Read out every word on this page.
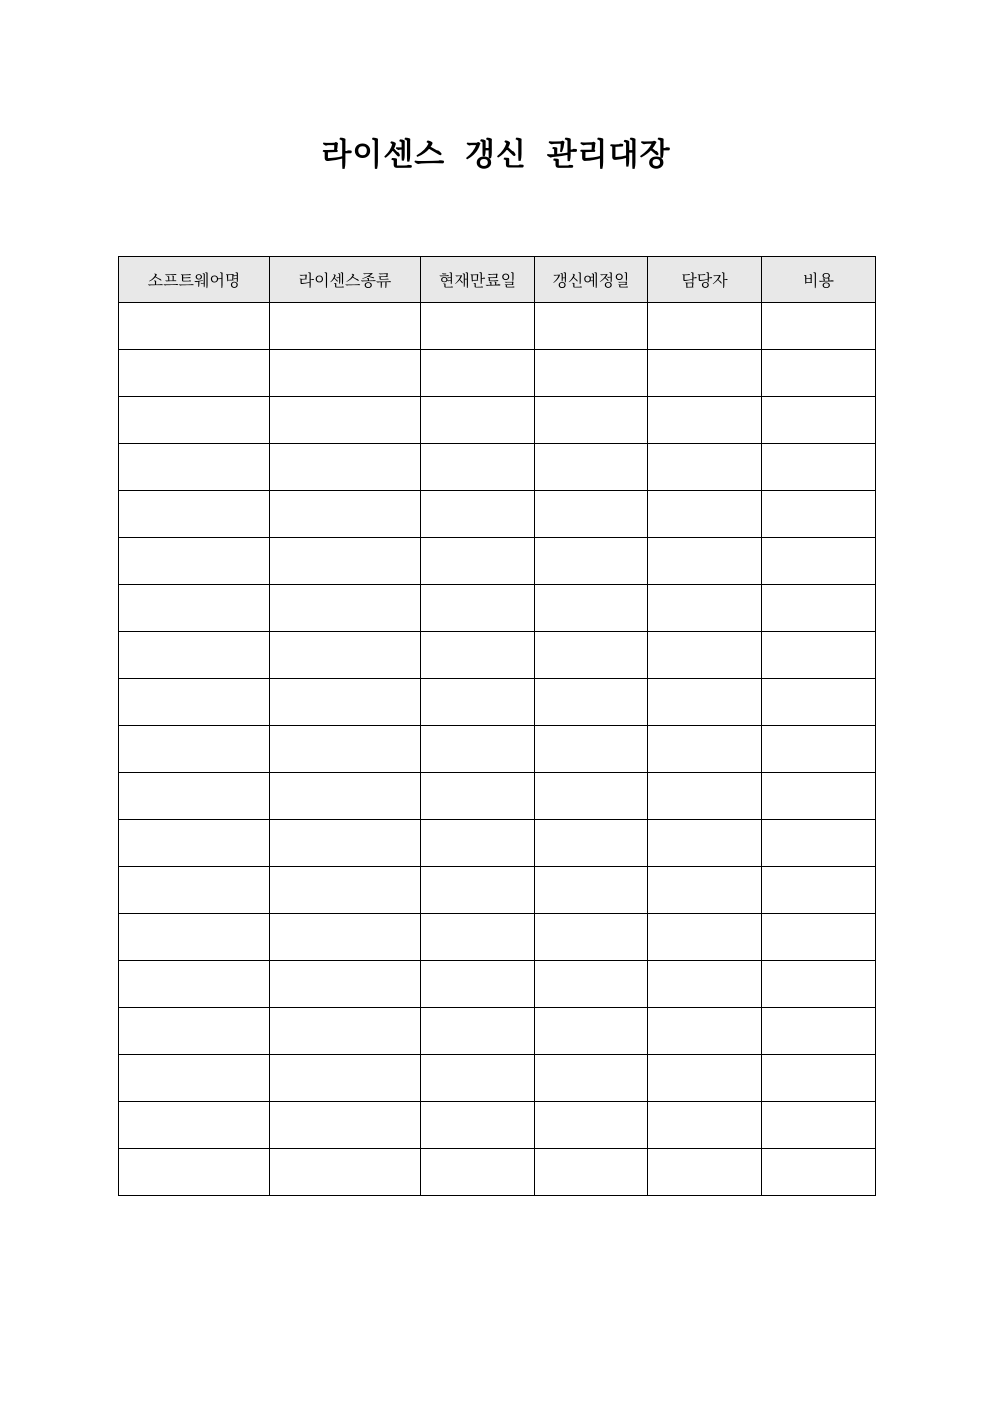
라이센스 갱신 관리대장
소프트웨어명	라이센스종류	현재만료일	갱신예정일	담당자	비용
